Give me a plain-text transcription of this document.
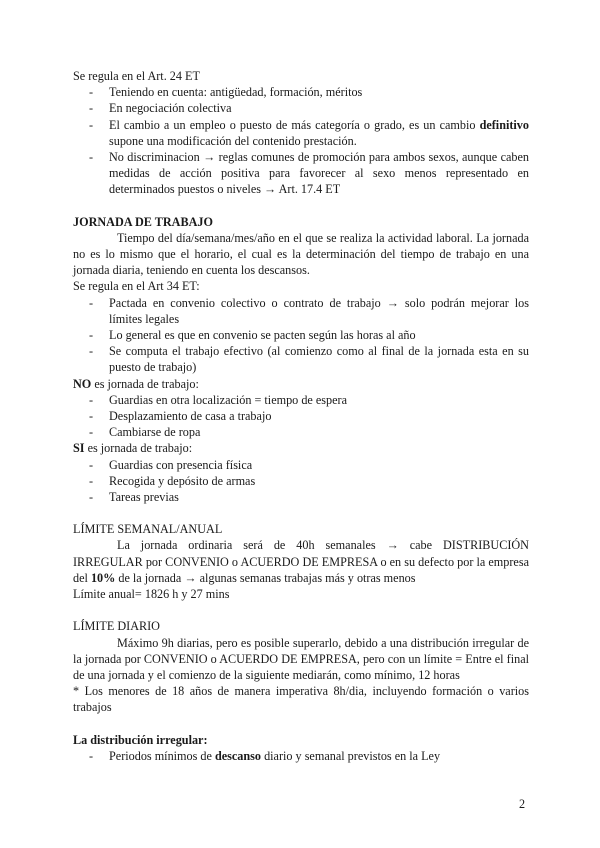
Se regula en el Art. 24 ET

- Teniendo en cuenta: antigüedad, formación, méritos
- En negociación colectiva
- El cambio a un empleo o puesto de más categoría o grado, es un cambio definitivo supone una modificación del contenido prestación.
- No discriminacion → reglas comunes de promoción para ambos sexos, aunque caben medidas de acción positiva para favorecer al sexo menos representado en determinados puestos o niveles → Art. 17.4 ET

JORNADA DE TRABAJO

Tiempo del día/semana/mes/año en el que se realiza la actividad laboral. La jornada no es lo mismo que el horario, el cual es la determinación del tiempo de trabajo en una jornada diaria, teniendo en cuenta los descansos.

Se regula en el Art 34 ET:

- Pactada en convenio colectivo o contrato de trabajo → solo podrán mejorar los límites legales
- Lo general es que en convenio se pacten según las horas al año
- Se computa el trabajo efectivo (al comienzo como al final de la jornada esta en su puesto de trabajo)

NO es jornada de trabajo:

- Guardias en otra localización = tiempo de espera
- Desplazamiento de casa a trabajo
- Cambiarse de ropa

SI es jornada de trabajo:

- Guardias con presencia física
- Recogida y depósito de armas
- Tareas previas

LÍMITE SEMANAL/ANUAL

La jornada ordinaria será de 40h semanales → cabe DISTRIBUCIÓN IRREGULAR por CONVENIO o ACUERDO DE EMPRESA o en su defecto por la empresa del 10% de la jornada → algunas semanas trabajas más y otras menos

Límite anual= 1826 h y 27 mins

LÍMITE DIARIO

Máximo 9h diarias, pero es posible superarlo, debido a una distribución irregular de la jornada por CONVENIO o ACUERDO DE EMPRESA, pero con un límite = Entre el final de una jornada y el comienzo de la siguiente mediarán, como mínimo, 12 horas

* Los menores de 18 años de manera imperativa 8h/dia, incluyendo formación o varios trabajos

La distribución irregular:

- Periodos mínimos de descanso diario y semanal previstos en la Ley
2
